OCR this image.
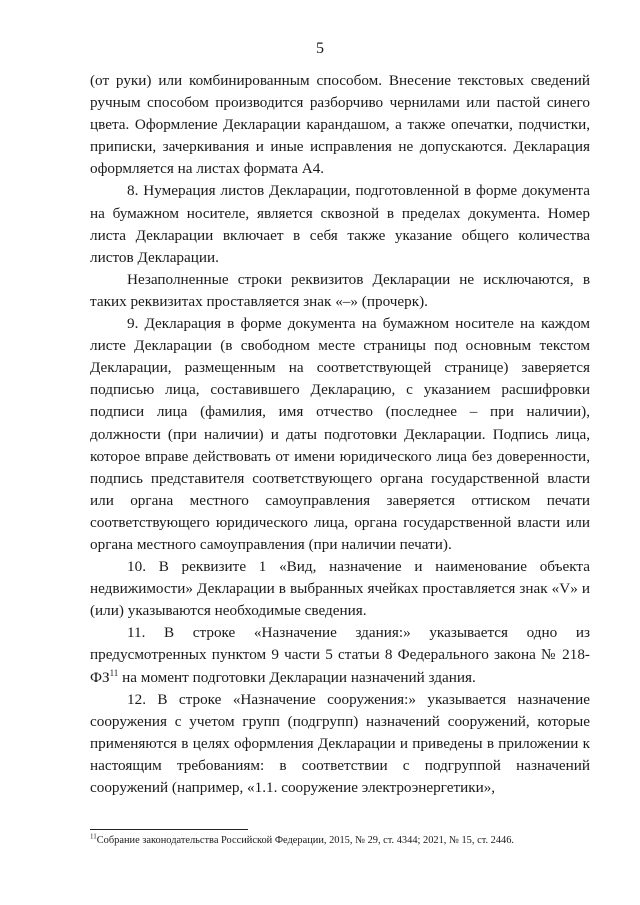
5

(от руки) или комбинированным способом. Внесение текстовых сведений ручным способом производится разборчиво чернилами или пастой синего цвета. Оформление Декларации карандашом, а также опечатки, подчистки, приписки, зачеркивания и иные исправления не допускаются. Декларация оформляется на листах формата А4.

8. Нумерация листов Декларации, подготовленной в форме документа на бумажном носителе, является сквозной в пределах документа. Номер листа Декларации включает в себя также указание общего количества листов Декларации.

Незаполненные строки реквизитов Декларации не исключаются, в таких реквизитах проставляется знак «–» (прочерк).

9. Декларация в форме документа на бумажном носителе на каждом листе Декларации (в свободном месте страницы под основным текстом Декларации, размещенным на соответствующей странице) заверяется подписью лица, составившего Декларацию, с указанием расшифровки подписи лица (фамилия, имя отчество (последнее – при наличии), должности (при наличии) и даты подготовки Декларации. Подпись лица, которое вправе действовать от имени юридического лица без доверенности, подпись представителя соответствующего органа государственной власти или органа местного самоуправления заверяется оттиском печати соответствующего юридического лица, органа государственной власти или органа местного самоуправления (при наличии печати).

10. В реквизите 1 «Вид, назначение и наименование объекта недвижимости» Декларации в выбранных ячейках проставляется знак «V» и (или) указываются необходимые сведения.

11. В строке «Назначение здания:» указывается одно из предусмотренных пунктом 9 части 5 статьи 8 Федерального закона № 218-ФЗ$^{11}$ на момент подготовки Декларации назначений здания.

12. В строке «Назначение сооружения:» указывается назначение сооружения с учетом групп (подгрупп) назначений сооружений, которые применяются в целях оформления Декларации и приведены в приложении к настоящим требованиям: в соответствии с подгруппой назначений сооружений (например, «1.1. сооружение электроэнергетики»,

$^{11}$Собрание законодательства Российской Федерации, 2015, № 29, ст. 4344; 2021, № 15, ст. 2446.
